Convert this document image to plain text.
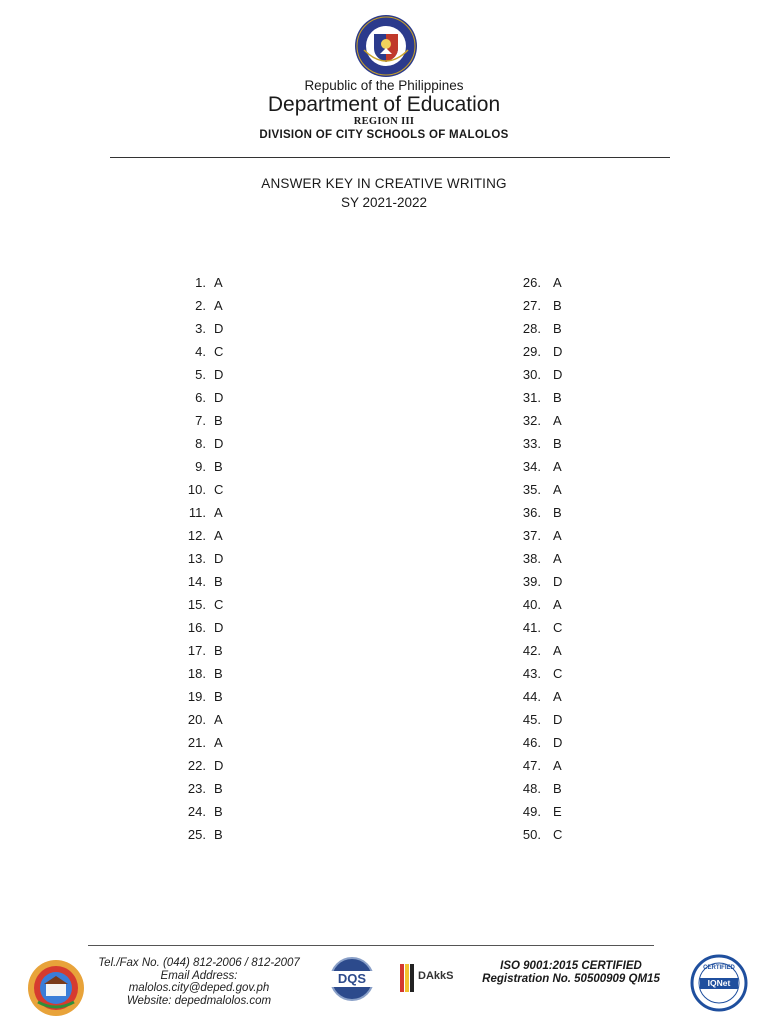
Republic of the Philippines
Department of Education
REGION III
DIVISION OF CITY SCHOOLS OF MALOLOS
ANSWER KEY IN CREATIVE WRITING
SY 2021-2022
1. A
2. A
3. D
4. C
5. D
6. D
7. B
8. D
9. B
10. C
11. A
12. A
13. D
14. B
15. C
16. D
17. B
18. B
19. B
20. A
21. A
22. D
23. B
24. B
25. B
26. A
27. B
28. B
29. D
30. D
31. B
32. A
33. B
34. A
35. A
36. B
37. A
38. A
39. D
40. A
41. C
42. A
43. C
44. A
45. D
46. D
47. A
48. B
49. E
50. C
Tel./Fax No. (044) 812-2006 / 812-2007
Email Address:
malolos.city@deped.gov.ph
Website: depedmalolos.com
DQS	DAkkS
ISO 9001:2015 CERTIFIED
Registration No. 50500909 QM15
CERTIFIED
IQNet
